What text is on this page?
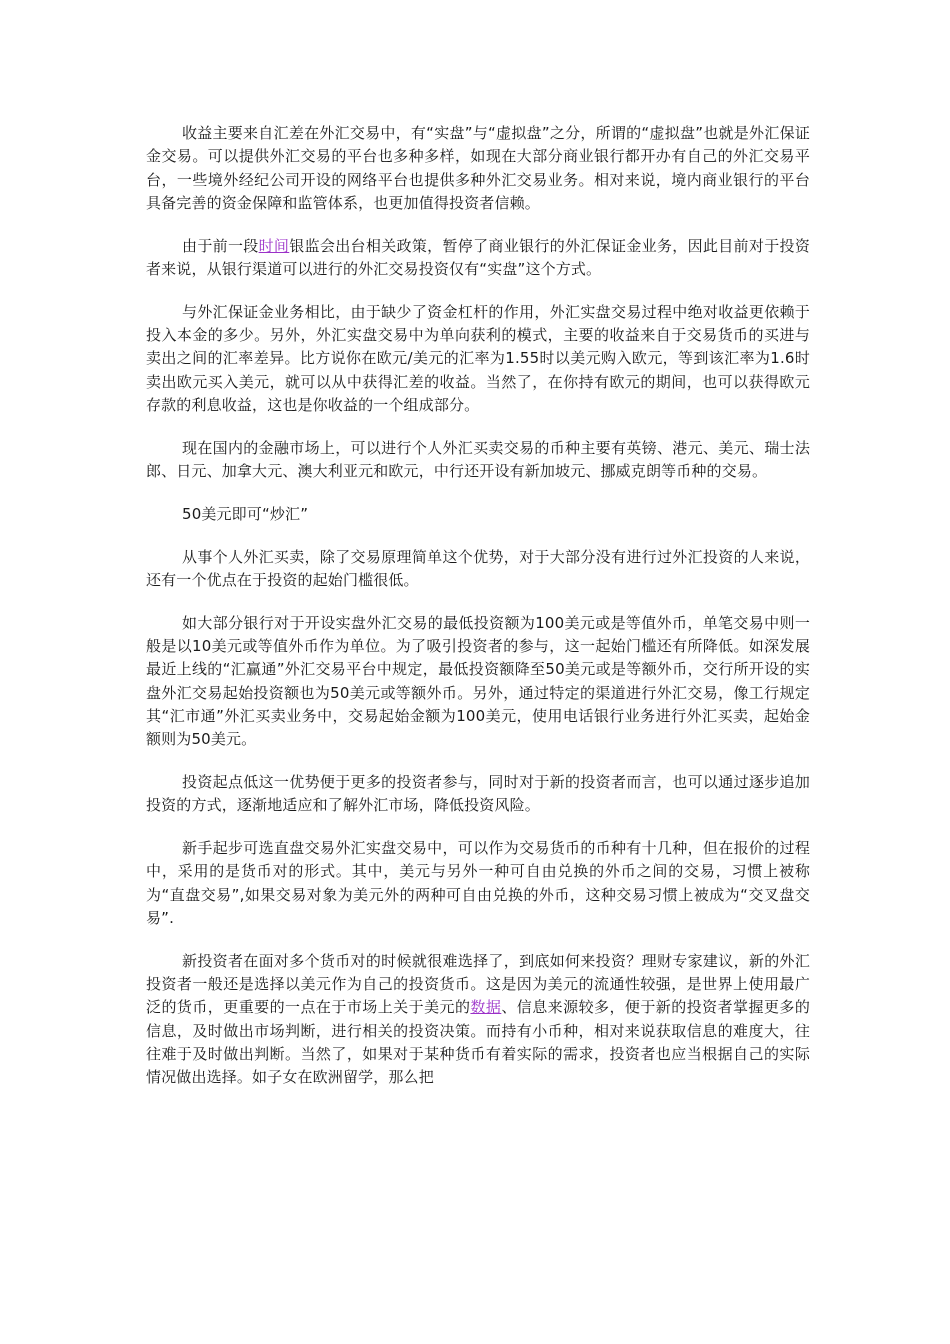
收益主要来自汇差在外汇交易中，有“实盘”与“虚拟盘”之分，所谓的“虚拟盘”也就是外汇保证金交易。可以提供外汇交易的平台也多种多样，如现在大部分商业银行都开办有自己的外汇交易平台，一些境外经纪公司开设的网络平台也提供多种外汇交易业务。相对来说，境内商业银行的平台具备完善的资金保障和监管体系，也更加值得投资者信赖。

由于前一段时间银监会出台相关政策，暂停了商业银行的外汇保证金业务，因此目前对于投资者来说，从银行渠道可以进行的外汇交易投资仅有“实盘”这个方式。

与外汇保证金业务相比，由于缺少了资金杠杆的作用，外汇实盘交易过程中绝对收益更依赖于投入本金的多少。另外，外汇实盘交易中为单向获利的模式，主要的收益来自于交易货币的买进与卖出之间的汇率差异。比方说你在欧元/美元的汇率为1.55时以美元购入欧元，等到该汇率为1.6时卖出欧元买入美元，就可以从中获得汇差的收益。当然了，在你持有欧元的期间，也可以获得欧元存款的利息收益，这也是你收益的一个组成部分。

现在国内的金融市场上，可以进行个人外汇买卖交易的币种主要有英镑、港元、美元、瑞士法郎、日元、加拿大元、澳大利亚元和欧元，中行还开设有新加坡元、挪威克朗等币种的交易。

50美元即可“炒汇”

从事个人外汇买卖，除了交易原理简单这个优势，对于大部分没有进行过外汇投资的人来说，还有一个优点在于投资的起始门槛很低。

如大部分银行对于开设实盘外汇交易的最低投资额为100美元或是等值外币，单笔交易中则一般是以10美元或等值外币作为单位。为了吸引投资者的参与，这一起始门槛还有所降低。如深发展最近上线的“汇赢通”外汇交易平台中规定，最低投资额降至50美元或是等额外币，交行所开设的实盘外汇交易起始投资额也为50美元或等额外币。另外，通过特定的渠道进行外汇交易，像工行规定其“汇市通”外汇买卖业务中，交易起始金额为100美元，使用电话银行业务进行外汇买卖，起始金额则为50美元。

投资起点低这一优势便于更多的投资者参与，同时对于新的投资者而言，也可以通过逐步追加投资的方式，逐渐地适应和了解外汇市场，降低投资风险。

新手起步可选直盘交易外汇实盘交易中，可以作为交易货币的币种有十几种，但在报价的过程中，采用的是货币对的形式。其中，美元与另外一种可自由兑换的外币之间的交易，习惯上被称为“直盘交易”,如果交易对象为美元外的两种可自由兑换的外币，这种交易习惯上被成为“交叉盘交易”.

新投资者在面对多个货币对的时候就很难选择了，到底如何来投资？理财专家建议，新的外汇投资者一般还是选择以美元作为自己的投资货币。这是因为美元的流通性较强，是世界上使用最广泛的货币，更重要的一点在于市场上关于美元的数据、信息来源较多，便于新的投资者掌握更多的信息，及时做出市场判断，进行相关的投资决策。而持有小币种，相对来说获取信息的难度大，往往难于及时做出判断。当然了，如果对于某种货币有着实际的需求，投资者也应当根据自己的实际情况做出选择。如子女在欧洲留学，那么把
